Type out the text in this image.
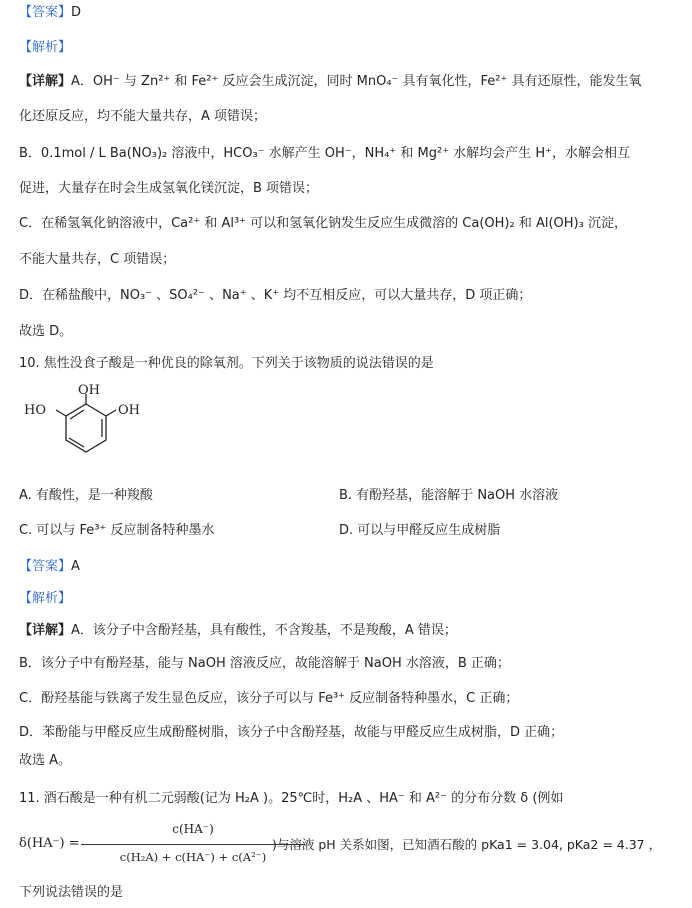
【答案】D
【解析】
【详解】A．OH⁻ 与 Zn²⁺ 和 Fe²⁺ 反应会生成沉淀，同时 MnO₄⁻ 具有氧化性，Fe²⁺ 具有还原性，能发生氧
化还原反应，均不能大量共存，A 项错误；
B．0.1mol / L Ba(NO₃)₂ 溶液中，HCO₃⁻ 水解产生 OH⁻，NH₄⁺ 和 Mg²⁺ 水解均会产生 H⁺，水解会相互
促进，大量存在时会生成氢氧化镁沉淀，B 项错误；
C．在稀氢氧化钠溶液中，Ca²⁺ 和 Al³⁺ 可以和氢氧化钠发生反应生成微溶的 Ca(OH)₂ 和 Al(OH)₃ 沉淀，
不能大量共存，C 项错误；
D．在稀盐酸中，NO₃⁻ 、SO₄²⁻ 、Na⁺ 、K⁺ 均不互相反应，可以大量共存，D 项正确；
故选 D。
10. 焦性没食子酸是一种优良的除氧剂。下列关于该物质的说法错误的是
OH
HO	OH
A. 有酸性，是一种羧酸	B. 有酚羟基，能溶解于 NaOH 水溶液
C. 可以与 Fe³⁺ 反应制备特种墨水	D. 可以与甲醛反应生成树脂
【答案】A
【解析】
【详解】A．该分子中含酚羟基，具有酸性，不含羧基，不是羧酸，A 错误；
B．该分子中有酚羟基，能与 NaOH 溶液反应，故能溶解于 NaOH 水溶液，B 正确；
C．酚羟基能与铁离子发生显色反应，该分子可以与 Fe³⁺ 反应制备特种墨水，C 正确；
D．苯酚能与甲醛反应生成酚醛树脂，该分子中含酚羟基，故能与甲醛反应生成树脂，D 正确；
故选 A。
11. 酒石酸是一种有机二元弱酸(记为 H₂A )。25℃时，H₂A 、HA⁻ 和 A²⁻ 的分布分数 δ (例如
δ(HA⁻) =
c(HA⁻)
c(H₂A) + c(HA⁻) + c(A²⁻)
)与溶液 pH 关系如图，已知酒石酸的 pKa1 = 3.04, pKa2 = 4.37 ，
下列说法错误的是
